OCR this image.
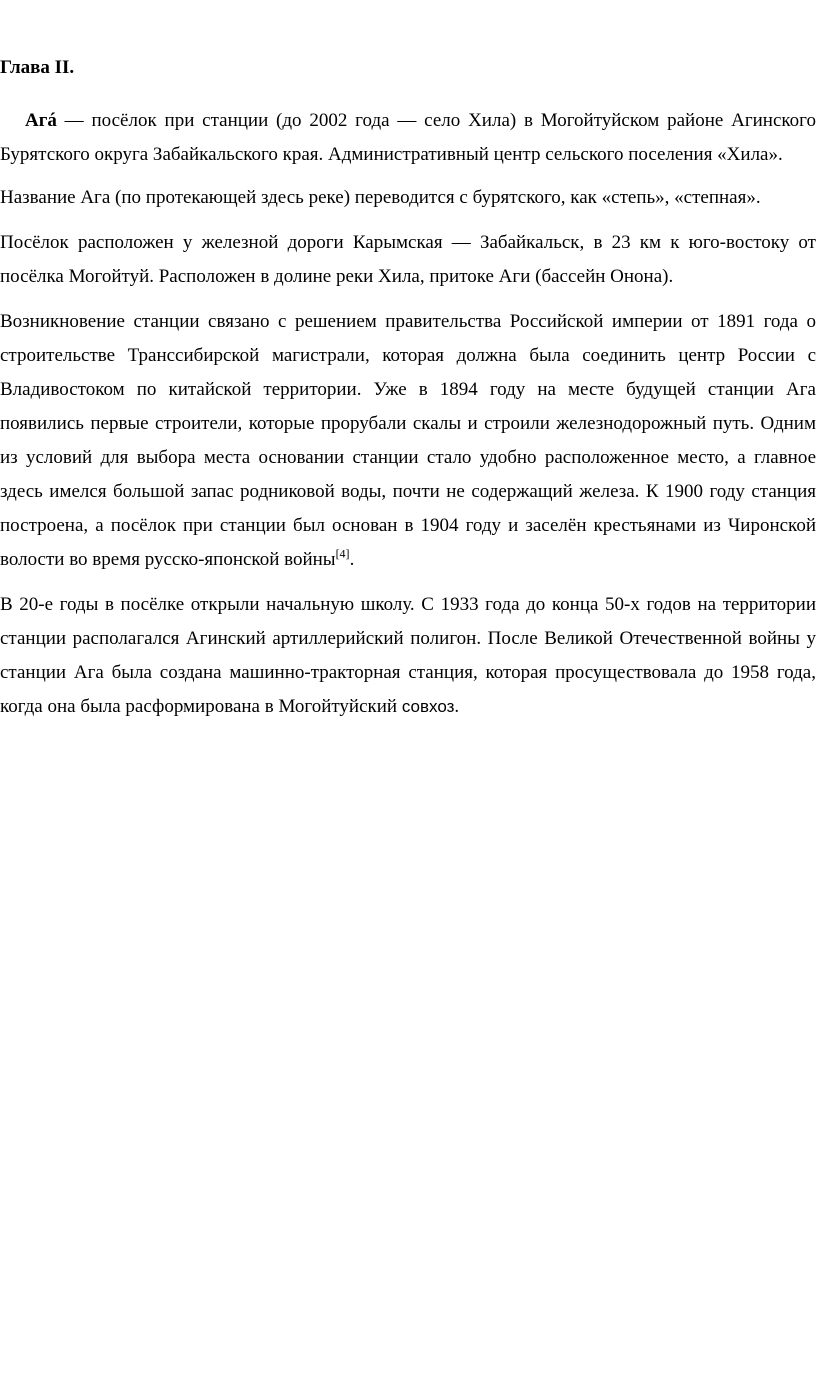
Глава II.

Агá — посёлок при станции (до 2002 года — село Хила) в Могойтуйском районе Агинского Бурятского округа Забайкальского края. Административный центр сельского поселения «Хила».

Название Ага (по протекающей здесь реке) переводится с бурятского, как «степь», «степная».

Посёлок расположен у железной дороги Карымская — Забайкальск, в 23 км к юго-востоку от посёлка Могойтуй. Расположен в долине реки Хила, притоке Аги (бассейн Онона).

Возникновение станции связано с решением правительства Российской империи от 1891 года о строительстве Транссибирской магистрали, которая должна была соединить центр России с Владивостоком по китайской территории. Уже в 1894 году на месте будущей станции Ага появились первые строители, которые прорубали скалы и строили железнодорожный путь. Одним из условий для выбора места основании станции стало удобно расположенное место, а главное здесь имелся большой запас родниковой воды, почти не содержащий железа. К 1900 году станция построена, а посёлок при станции был основан в 1904 году и заселён крестьянами из Чиронской волости во время русско-японской войны[4].

В 20-е годы в посёлке открыли начальную школу. С 1933 года до конца 50-х годов на территории станции располагался Агинский артиллерийский полигон. После Великой Отечественной войны у станции Ага была создана машинно-тракторная станция, которая просуществовала до 1958 года, когда она была расформирована в Могойтуйский совхоз.
